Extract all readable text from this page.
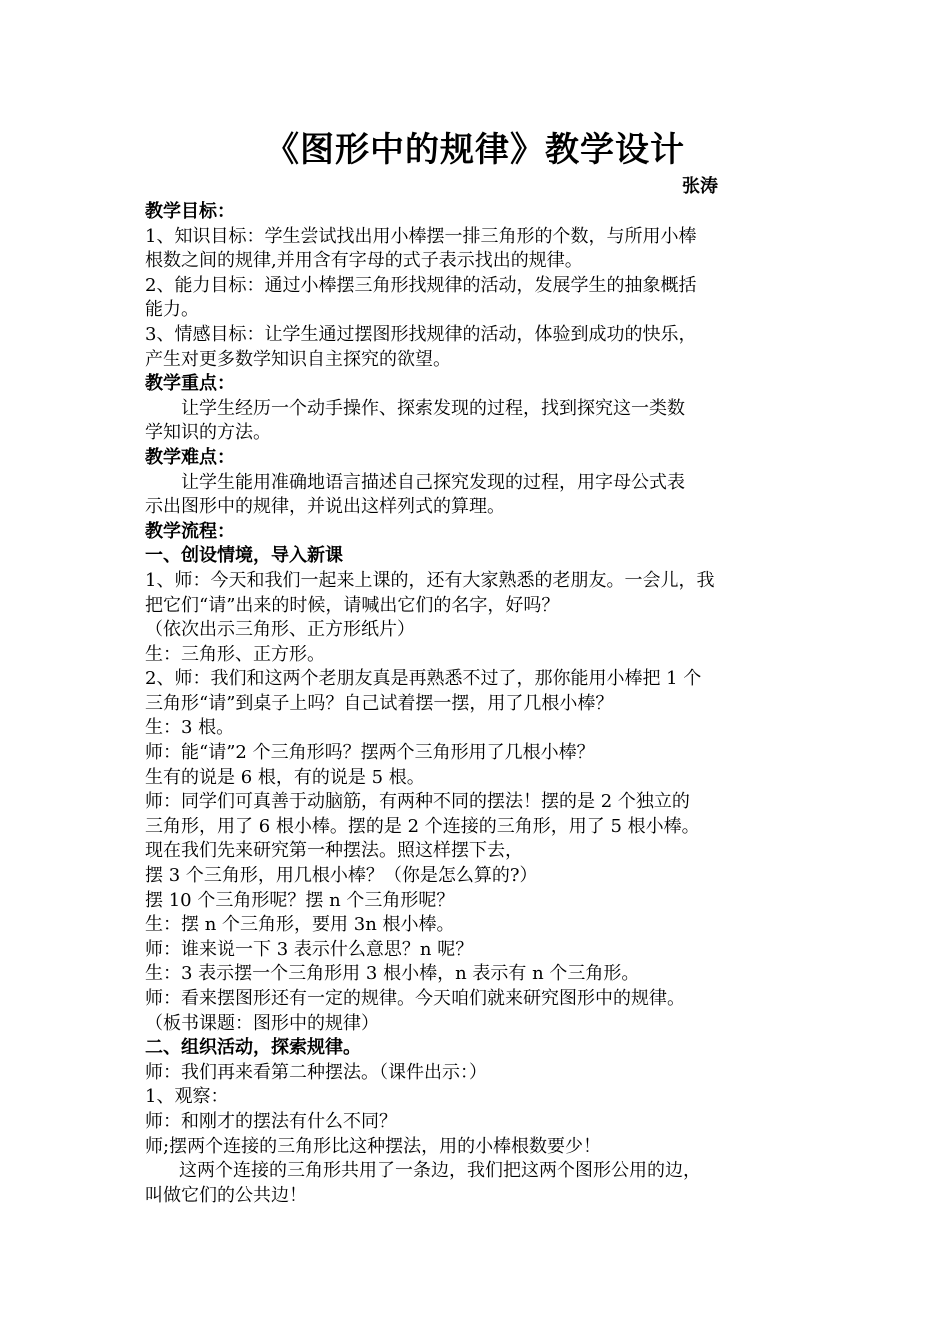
《图形中的规律》教学设计
张涛

教学目标：

1、知识目标：学生尝试找出用小棒摆一排三角形的个数，与所用小棒

根数之间的规律,并用含有字母的式子表示找出的规律。

2、能力目标：通过小棒摆三角形找规律的活动，发展学生的抽象概括

能力。

3、情感目标：让学生通过摆图形找规律的活动，体验到成功的快乐，

产生对更多数学知识自主探究的欲望。

教学重点：

让学生经历一个动手操作、探索发现的过程，找到探究这一类数

学知识的方法。

教学难点：

让学生能用准确地语言描述自己探究发现的过程，用字母公式表

示出图形中的规律，并说出这样列式的算理。

教学流程：

一、创设情境，导入新课

1、师：今天和我们一起来上课的，还有大家熟悉的老朋友。一会儿，我

把它们“请”出来的时候，请喊出它们的名字，好吗？

（依次出示三角形、正方形纸片）

生：三角形、正方形。

2、师：我们和这两个老朋友真是再熟悉不过了，那你能用小棒把 1 个

三角形“请”到桌子上吗？自己试着摆一摆，用了几根小棒？

生：3 根。

师：能“请”2 个三角形吗？摆两个三角形用了几根小棒？

生有的说是 6 根，有的说是 5 根。

师：同学们可真善于动脑筋，有两种不同的摆法！摆的是 2 个独立的

三角形，用了 6 根小棒。摆的是 2 个连接的三角形，用了 5 根小棒。

现在我们先来研究第一种摆法。照这样摆下去，

摆 3 个三角形，用几根小棒？（你是怎么算的?）

摆 10 个三角形呢？摆 n 个三角形呢？

生：摆 n 个三角形，要用 3n 根小棒。

师：谁来说一下 3 表示什么意思？n 呢？

生：3 表示摆一个三角形用 3 根小棒，n 表示有 n 个三角形。

师：看来摆图形还有一定的规律。今天咱们就来研究图形中的规律。

（板书课题：图形中的规律）

二、组织活动，探索规律。

师：我们再来看第二种摆法。（课件出示：）

1、观察：

师：和刚才的摆法有什么不同？

师;摆两个连接的三角形比这种摆法，用的小棒根数要少！

这两个连接的三角形共用了一条边，我们把这两个图形公用的边，

叫做它们的公共边！
